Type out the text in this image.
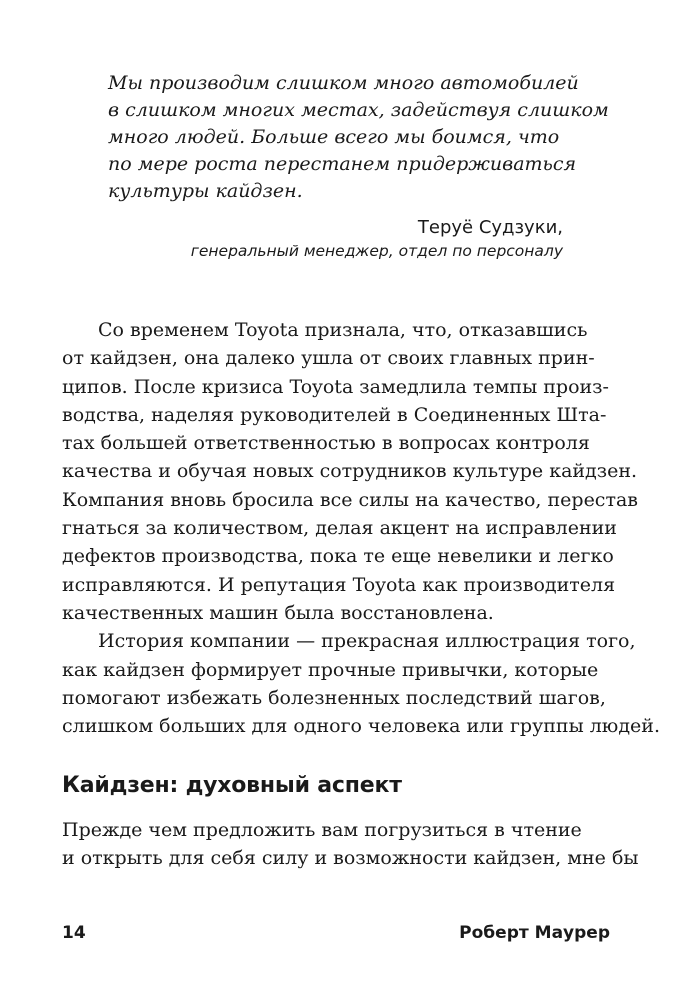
Мы производим слишком много автомобилей
в слишком многих местах, задействуя слишком
много людей. Больше всего мы боимся, что
по мере роста перестанем придерживаться
культуры кайдзен.
Теруё Судзуки,
генеральный менеджер, отдел по персоналу
Со временем Toyota признала, что, отказавшись
от кайдзен, она далеко ушла от своих главных прин-
ципов. После кризиса Toyota замедлила темпы произ-
водства, наделяя руководителей в Соединенных Шта-
тах большей ответственностью в вопросах контроля
качества и обучая новых сотрудников культуре кайдзен.
Компания вновь бросила все силы на качество, перестав
гнаться за количеством, делая акцент на исправлении
дефектов производства, пока те еще невелики и легко
исправляются. И репутация Toyota как производителя
качественных машин была восстановлена.
История компании — прекрасная иллюстрация того,
как кайдзен формирует прочные привычки, которые
помогают избежать болезненных последствий шагов,
слишком больших для одного человека или группы людей.
Кайдзен: духовный аспект
Прежде чем предложить вам погрузиться в чтение
и открыть для себя силу и возможности кайдзен, мне бы
14	Роберт Маурер
